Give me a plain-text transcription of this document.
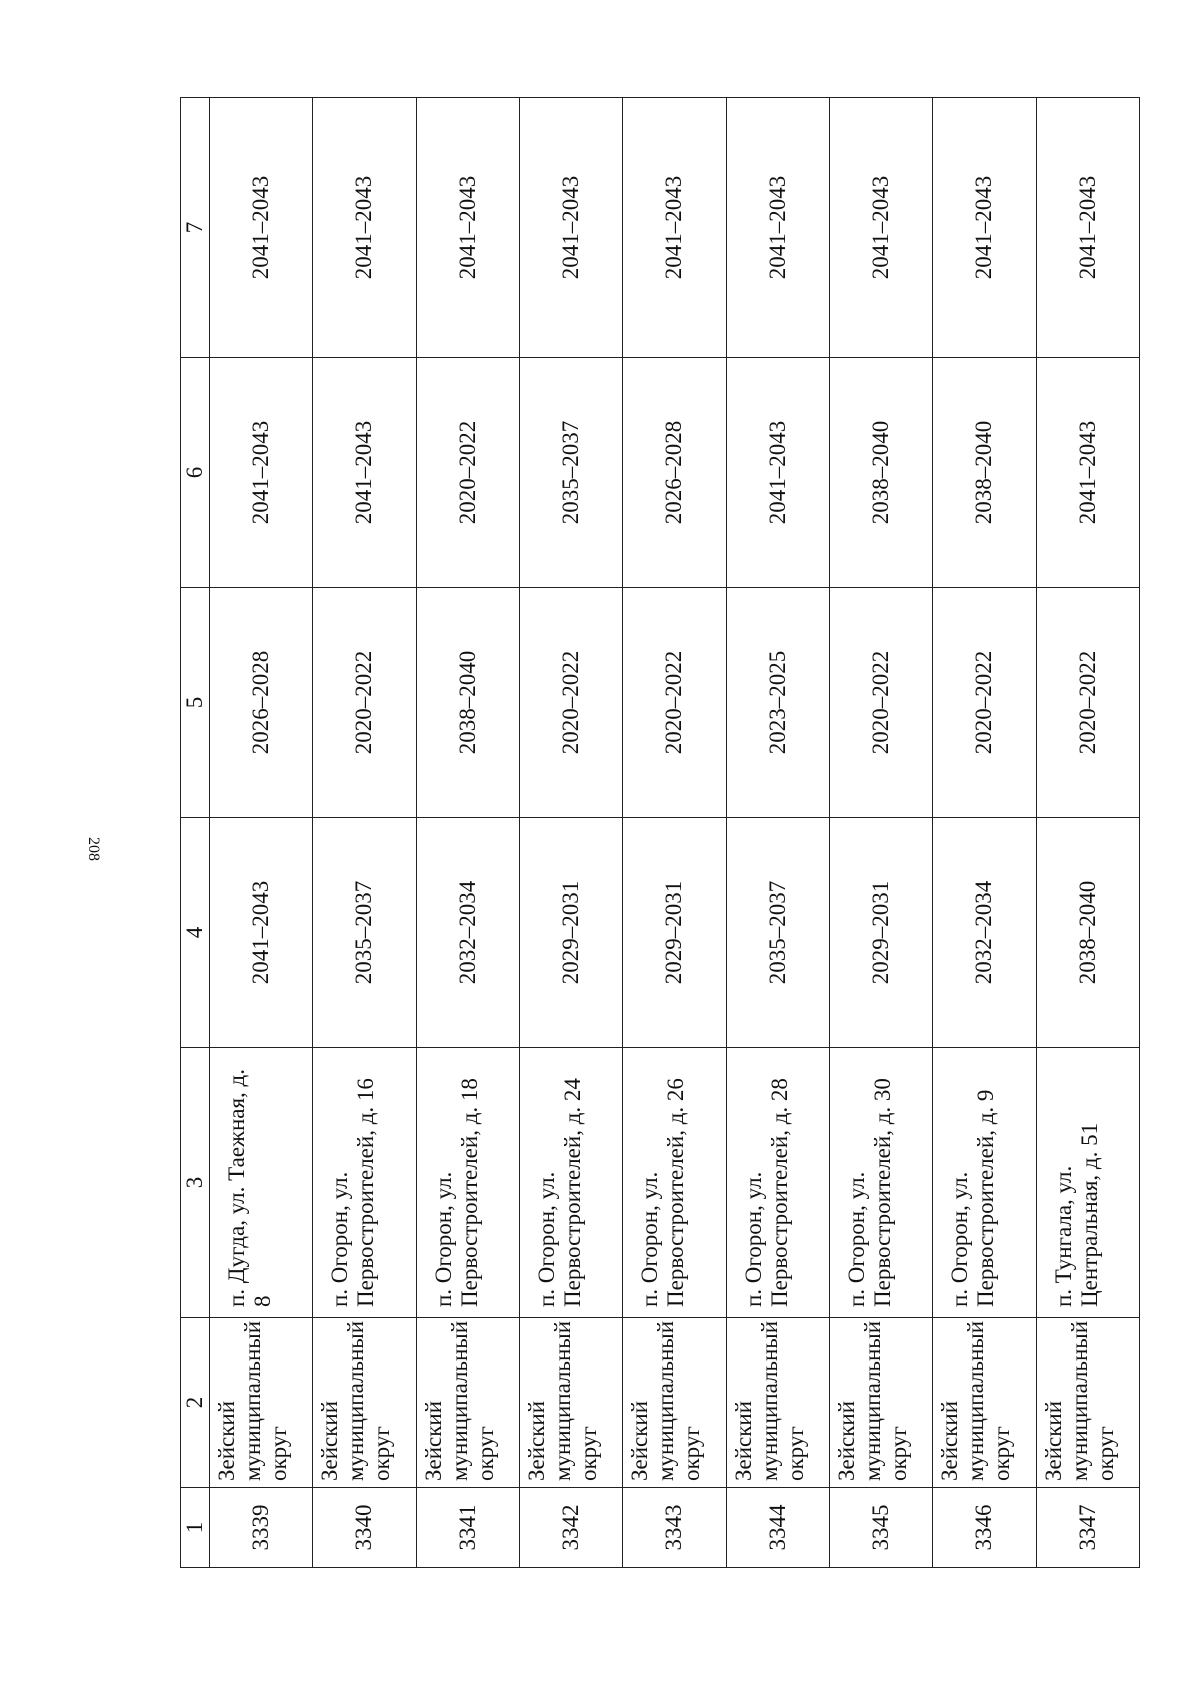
208
1	2	3	4	5	6	7
3339	Зейский муниципальный округ	п. Дугда, ул. Таежная, д. 8	2041–2043	2026–2028	2041–2043	2041–2043
3340	Зейский муниципальный округ	п. Огорон, ул. Первостроителей, д. 16	2035–2037	2020–2022	2041–2043	2041–2043
3341	Зейский муниципальный округ	п. Огорон, ул. Первостроителей, д. 18	2032–2034	2038–2040	2020–2022	2041–2043
3342	Зейский муниципальный округ	п. Огорон, ул. Первостроителей, д. 24	2029–2031	2020–2022	2035–2037	2041–2043
3343	Зейский муниципальный округ	п. Огорон, ул. Первостроителей, д. 26	2029–2031	2020–2022	2026–2028	2041–2043
3344	Зейский муниципальный округ	п. Огорон, ул. Первостроителей, д. 28	2035–2037	2023–2025	2041–2043	2041–2043
3345	Зейский муниципальный округ	п. Огорон, ул. Первостроителей, д. 30	2029–2031	2020–2022	2038–2040	2041–2043
3346	Зейский муниципальный округ	п. Огорон, ул. Первостроителей, д. 9	2032–2034	2020–2022	2038–2040	2041–2043
3347	Зейский муниципальный округ	п. Тунгала, ул. Центральная, д. 51	2038–2040	2020–2022	2041–2043	2041–2043
